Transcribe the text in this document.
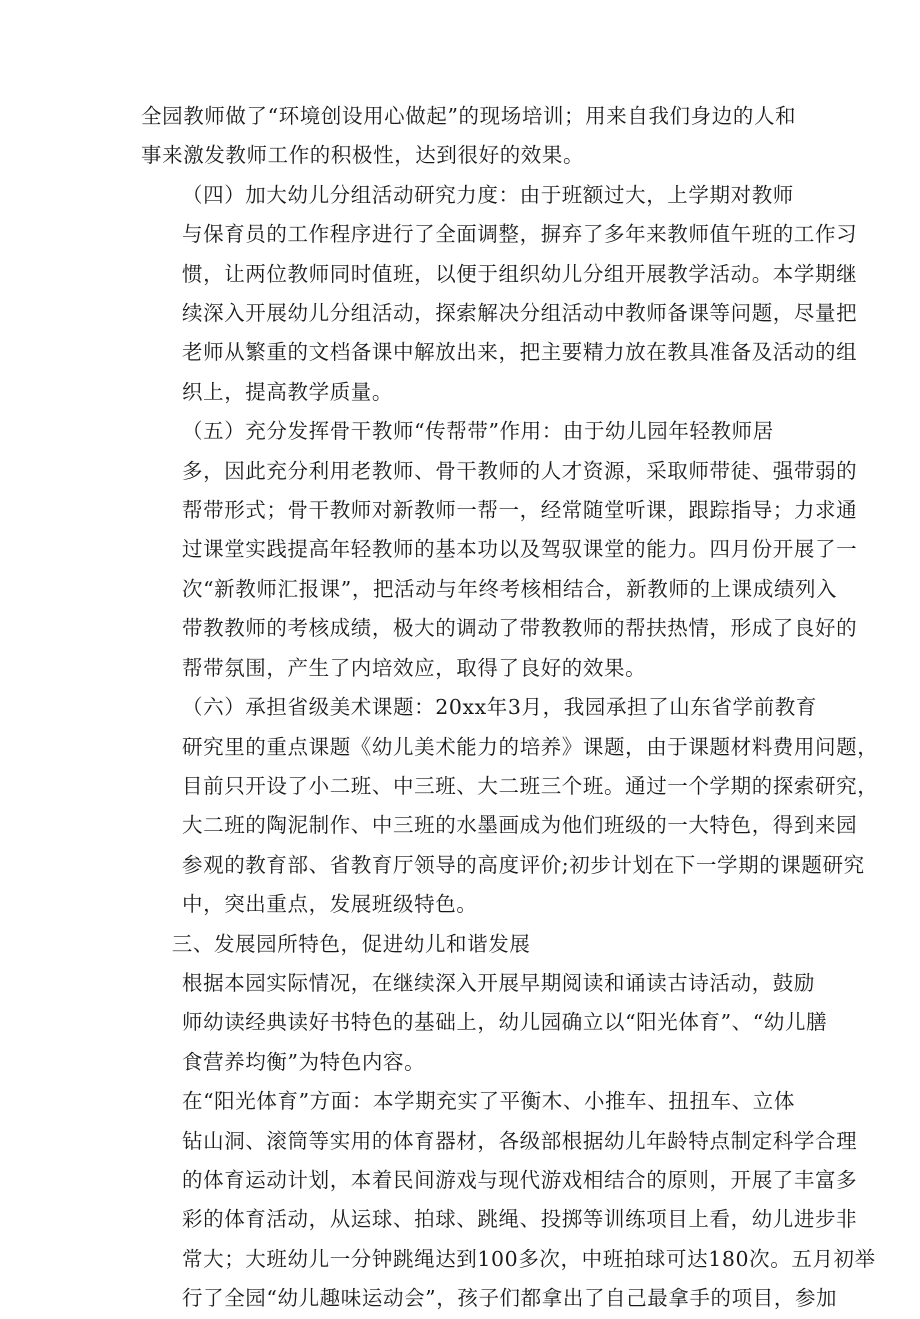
全园教师做了“环境创设用心做起”的现场培训；用来自我们身边的人和
事来激发教师工作的积极性，达到很好的效果。
（四）加大幼儿分组活动研究力度：由于班额过大，上学期对教师
与保育员的工作程序进行了全面调整，摒弃了多年来教师值午班的工作习
惯，让两位教师同时值班，以便于组织幼儿分组开展教学活动。本学期继
续深入开展幼儿分组活动，探索解决分组活动中教师备课等问题，尽量把
老师从繁重的文档备课中解放出来，把主要精力放在教具准备及活动的组
织上，提高教学质量。
（五）充分发挥骨干教师“传帮带”作用：由于幼儿园年轻教师居
多，因此充分利用老教师、骨干教师的人才资源，采取师带徒、强带弱的
帮带形式；骨干教师对新教师一帮一，经常随堂听课，跟踪指导；力求通
过课堂实践提高年轻教师的基本功以及驾驭课堂的能力。四月份开展了一
次“新教师汇报课”，把活动与年终考核相结合，新教师的上课成绩列入
带教教师的考核成绩，极大的调动了带教教师的帮扶热情，形成了良好的
帮带氛围，产生了内培效应，取得了良好的效果。
（六）承担省级美术课题：20xx年3月，我园承担了山东省学前教育
研究里的重点课题《幼儿美术能力的培养》课题，由于课题材料费用问题，
目前只开设了小二班、中三班、大二班三个班。通过一个学期的探索研究，
大二班的陶泥制作、中三班的水墨画成为他们班级的一大特色，得到来园
参观的教育部、省教育厅领导的高度评价;初步计划在下一学期的课题研究
中，突出重点，发展班级特色。
三、发展园所特色，促进幼儿和谐发展
根据本园实际情况，在继续深入开展早期阅读和诵读古诗活动，鼓励
师幼读经典读好书特色的基础上，幼儿园确立以“阳光体育”、“幼儿膳
食营养均衡”为特色内容。
在“阳光体育”方面：本学期充实了平衡木、小推车、扭扭车、立体
钻山洞、滚筒等实用的体育器材，各级部根据幼儿年龄特点制定科学合理
的体育运动计划，本着民间游戏与现代游戏相结合的原则，开展了丰富多
彩的体育活动，从运球、拍球、跳绳、投掷等训练项目上看，幼儿进步非
常大；大班幼儿一分钟跳绳达到100多次，中班拍球可达180次。五月初举
行了全园“幼儿趣味运动会”，孩子们都拿出了自己最拿手的项目，参加
